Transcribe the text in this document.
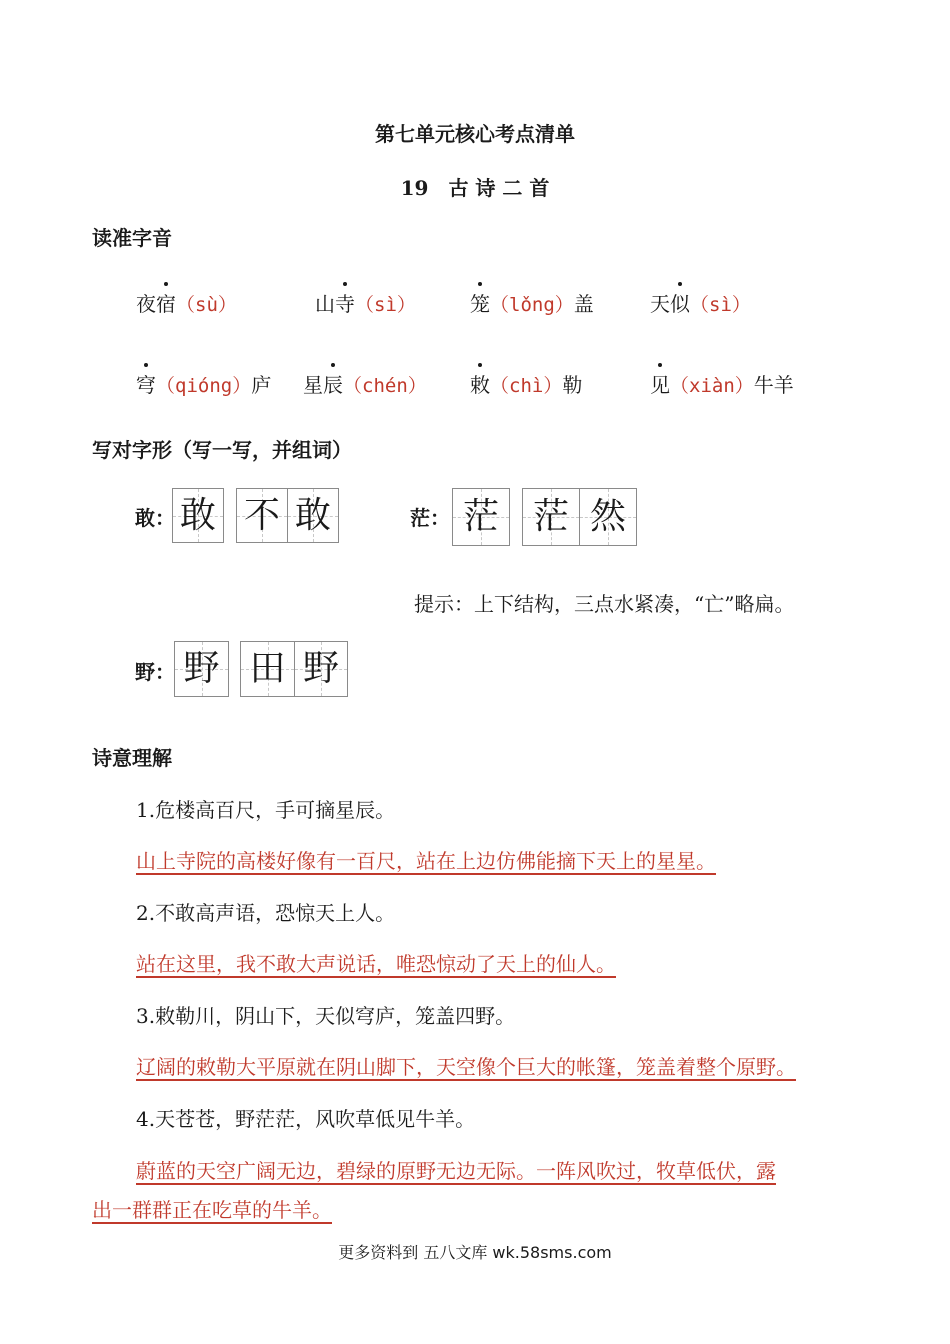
第七单元核心考点清单
19　古 诗 二 首
读准字音
夜宿（sù）	山寺（sì）	笼（lǒng）盖	天似（sì）
穹（qióng）庐 星辰（chén） 敕（chì）勒	见（xiàn）牛羊
写对字形（写一写，并组词）
敢： 敢 不 敢	茫： 茫 茫 然
提示：上下结构，三点水紧凑，“亡”略扁。
野： 野 田 野
诗意理解
1.危楼高百尺，手可摘星辰。
山上寺院的高楼好像有一百尺，站在上边仿佛能摘下天上的星星。
2.不敢高声语，恐惊天上人。
站在这里，我不敢大声说话，唯恐惊动了天上的仙人。
3.敕勒川，阴山下，天似穹庐，笼盖四野。
辽阔的敕勒大平原就在阴山脚下，天空像个巨大的帐篷，笼盖着整个原野。
4.天苍苍，野茫茫，风吹草低见牛羊。
蔚蓝的天空广阔无边，碧绿的原野无边无际。一阵风吹过，牧草低伏，露
出一群群正在吃草的牛羊。
更多资料到 五八文库 wk.58sms.com
